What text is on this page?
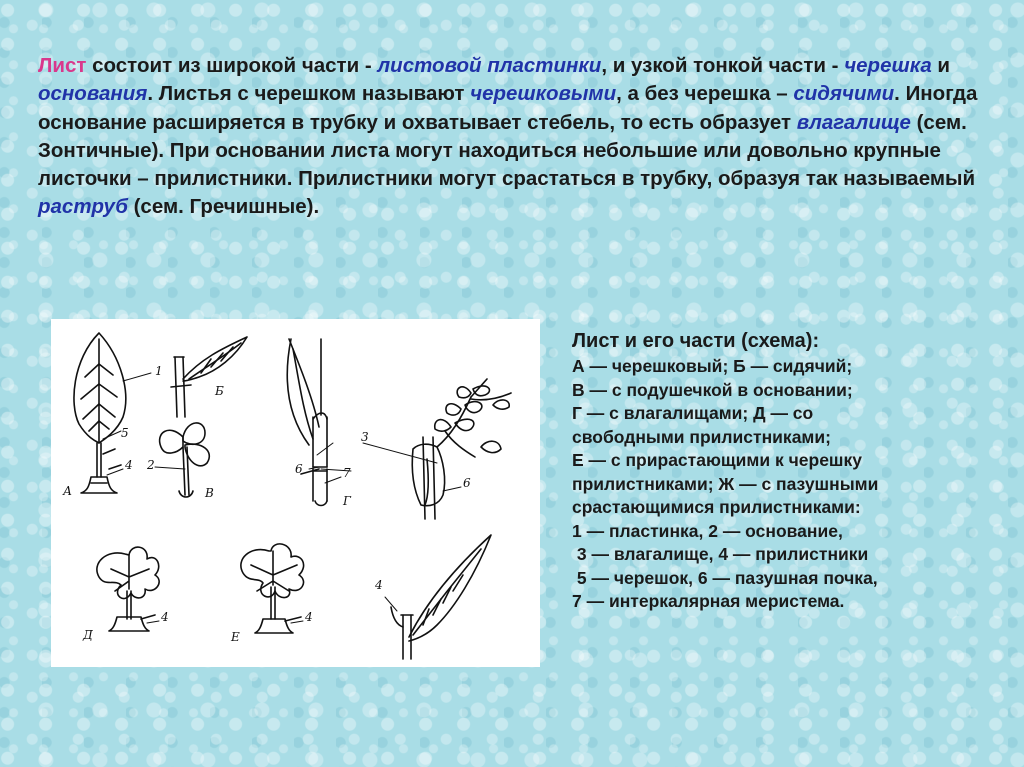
Лист состоит из широкой части - листовой пластинки, и узкой тонкой части - черешка и основания. Листья с черешком называют черешковыми, а без черешка – сидячими. Иногда основание расширяется в трубку и охватывает стебель, то есть образует влагалище (сем. Зонтичные). При основании листа могут находиться небольшие или довольно крупные листочки – прилистники. Прилистники могут срастаться в трубку, образуя так называемый раструб (сем. Гречишные).
1
5
4
А
Б
2
В
3
6	7
Г
6
4
Д
4
Е
4
Лист и его части (схема):
А — черешковый; Б — сидячий;
В — с подушечкой в основании;
Г — с влагалищами; Д — со
свободными прилистниками;
Е — с прирастающими к черешку
прилистниками; Ж — с пазушными
срастающимися прилистниками:
1 — пластинка, 2 — основание,
3 — влагалище, 4 — прилистники
5 — черешок, 6 — пазушная почка,
7 — интеркалярная меристема.
